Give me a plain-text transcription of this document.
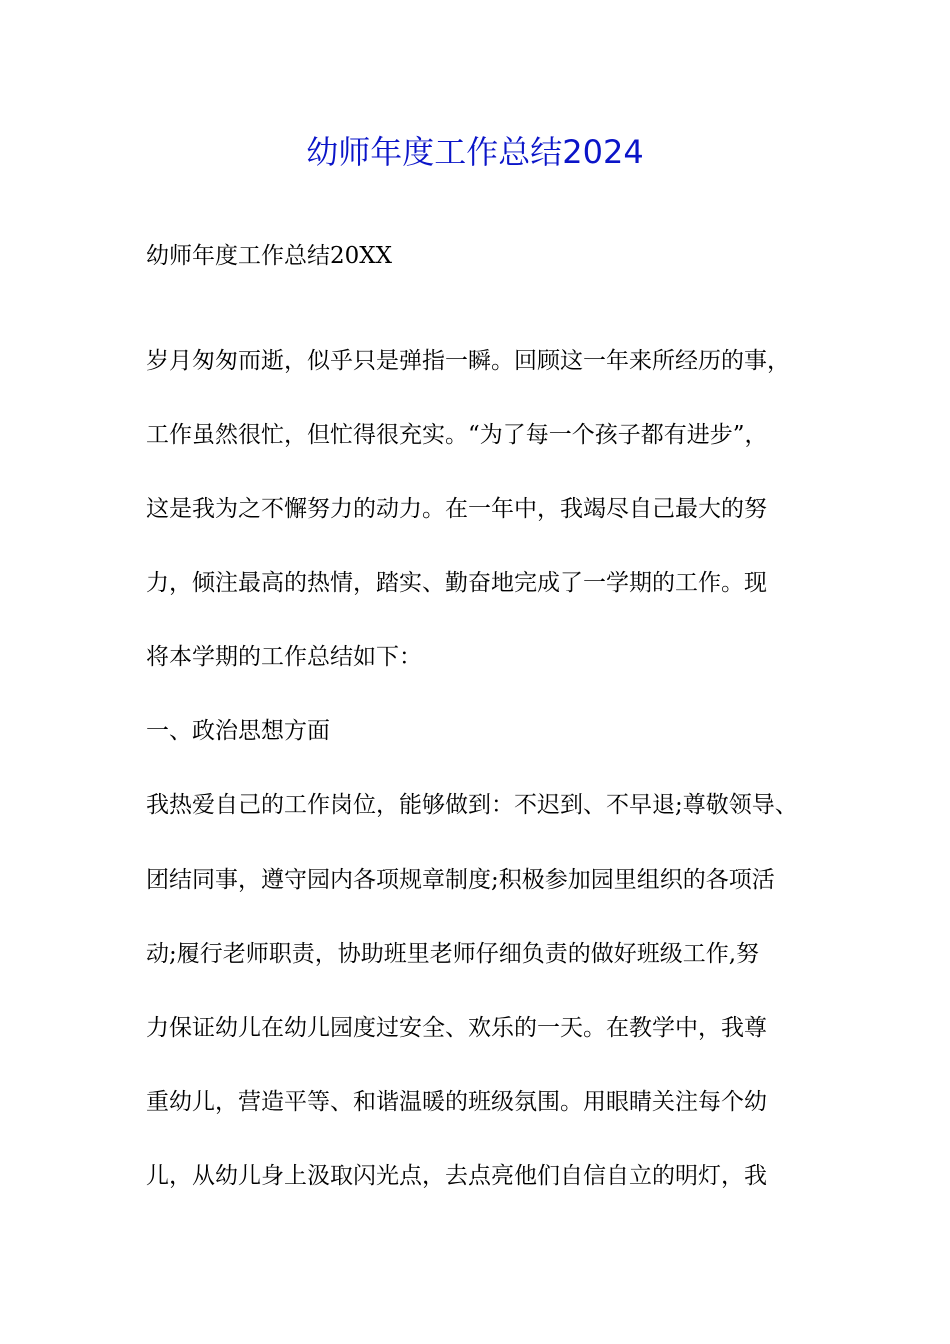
幼师年度工作总结2024

幼师年度工作总结20XX

岁月匆匆而逝，似乎只是弹指一瞬。回顾这一年来所经历的事，

工作虽然很忙，但忙得很充实。“为了每一个孩子都有进步”，

这是我为之不懈努力的动力。在一年中，我竭尽自己最大的努

力，倾注最高的热情，踏实、勤奋地完成了一学期的工作。现

将本学期的工作总结如下：

一、政治思想方面

我热爱自己的工作岗位，能够做到：不迟到、不早退;尊敬领导、

团结同事，遵守园内各项规章制度;积极参加园里组织的各项活

动;履行老师职责，协助班里老师仔细负责的做好班级工作,努

力保证幼儿在幼儿园度过安全、欢乐的一天。在教学中，我尊

重幼儿，营造平等、和谐温暖的班级氛围。用眼睛关注每个幼

儿，从幼儿身上汲取闪光点，去点亮他们自信自立的明灯，我
